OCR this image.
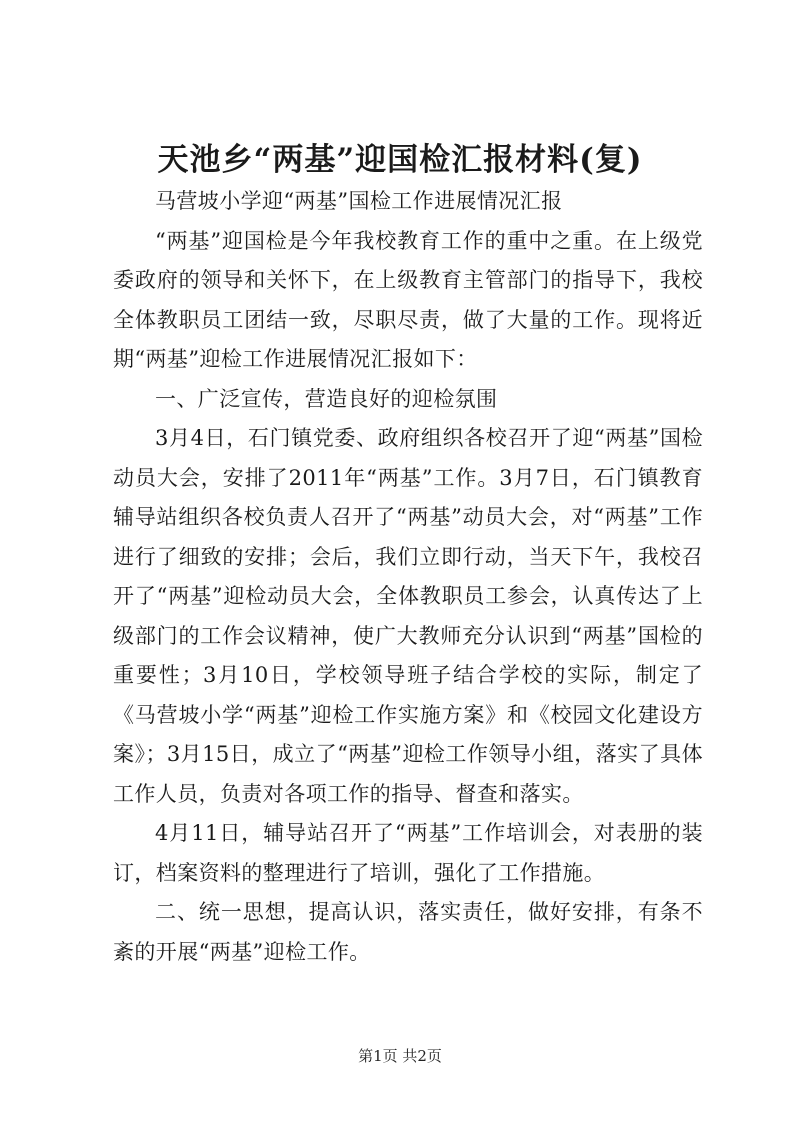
天池乡“两基”迎国检汇报材料(复)

马营坡小学迎“两基”国检工作进展情况汇报

“两基”迎国检是今年我校教育工作的重中之重。在上级党委政府的领导和关怀下，在上级教育主管部门的指导下，我校全体教职员工团结一致，尽职尽责，做了大量的工作。现将近期“两基”迎检工作进展情况汇报如下：

一、广泛宣传，营造良好的迎检氛围

3月4日，石门镇党委、政府组织各校召开了迎“两基”国检动员大会，安排了2011年“两基”工作。3月7日，石门镇教育辅导站组织各校负责人召开了“两基”动员大会，对“两基”工作进行了细致的安排；会后，我们立即行动，当天下午，我校召开了“两基”迎检动员大会，全体教职员工参会，认真传达了上级部门的工作会议精神，使广大教师充分认识到“两基”国检的重要性；3月10日，学校领导班子结合学校的实际，制定了《马营坡小学“两基”迎检工作实施方案》和《校园文化建设方案》；3月15日，成立了“两基”迎检工作领导小组，落实了具体工作人员，负责对各项工作的指导、督查和落实。

4月11日，辅导站召开了“两基”工作培训会，对表册的装订，档案资料的整理进行了培训，强化了工作措施。

二、统一思想，提高认识，落实责任，做好安排，有条不紊的开展“两基”迎检工作。

第1页 共2页
